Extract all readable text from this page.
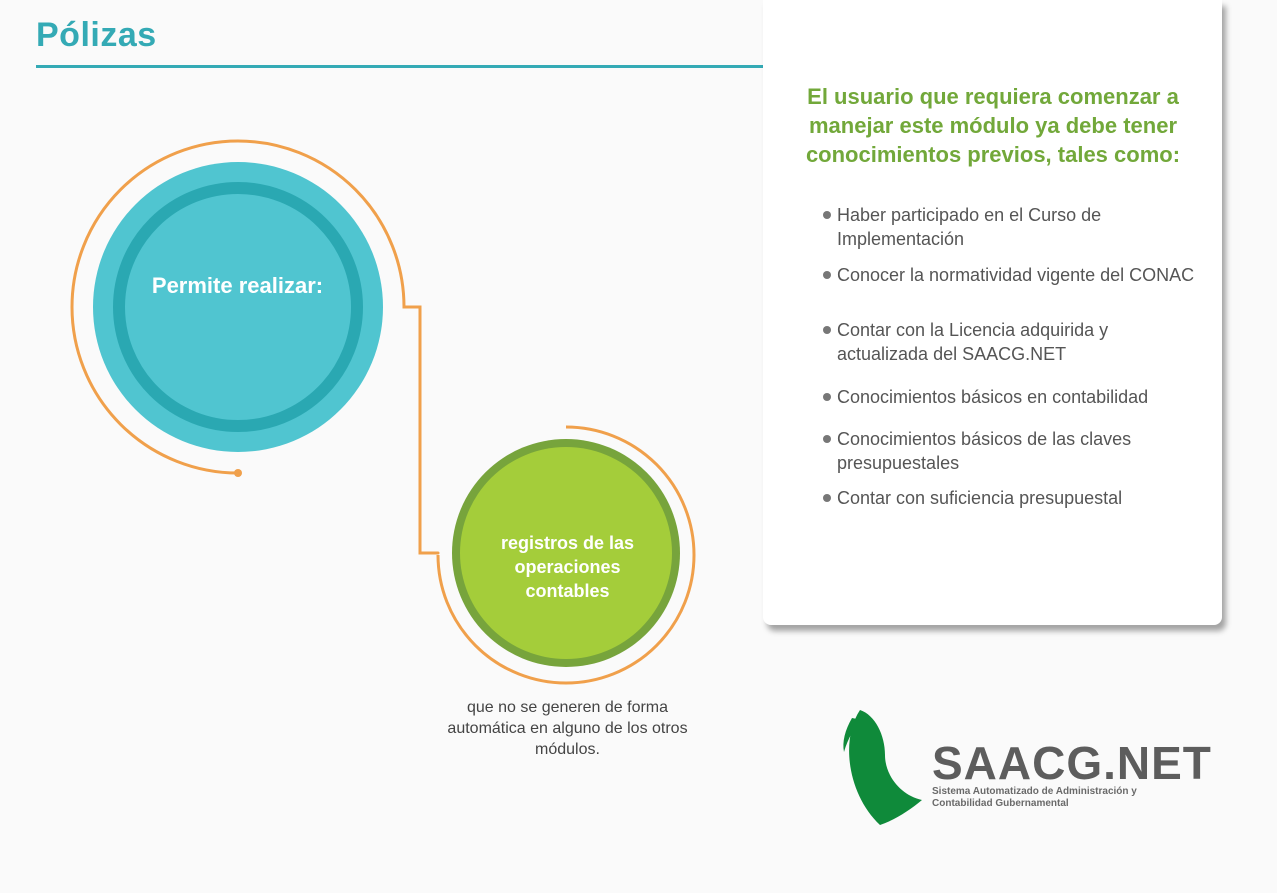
Pólizas
Permite realizar:
registros de las operaciones contables
que no se generen de forma automática en alguno de los otros módulos.
El usuario que requiera comenzar a manejar este módulo ya debe tener conocimientos previos, tales como:
Haber participado en el Curso de Implementación
Conocer la normatividad vigente del CONAC
Contar con la Licencia adquirida y actualizada del SAACG.NET
Conocimientos básicos en contabilidad
Conocimientos básicos de las claves presupuestales
Contar con suficiencia presupuestal
SAACG.NET
Sistema Automatizado de Administración y Contabilidad Gubernamental
